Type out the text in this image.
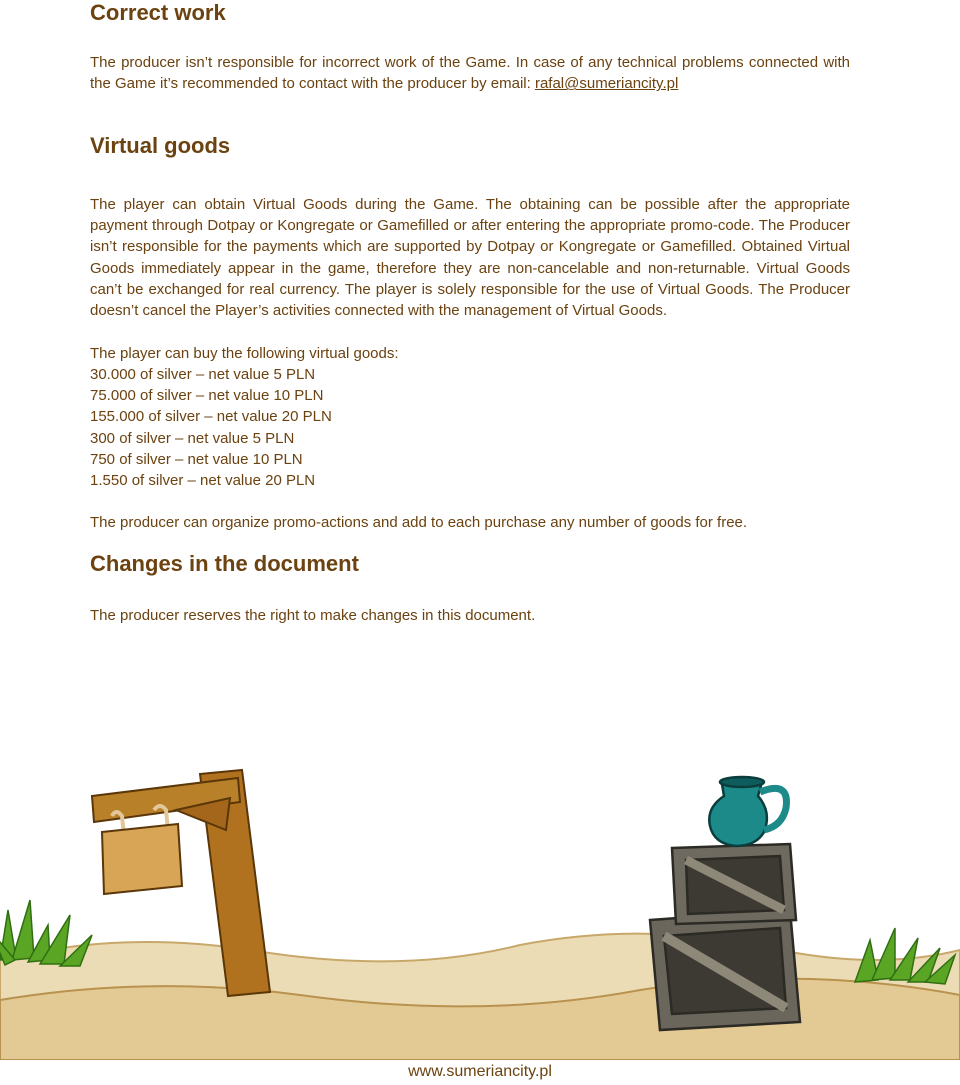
Correct work

The producer isn’t responsible for incorrect work of the Game. In case of any technical problems connected with the Game it’s recommended to contact with the producer by email: rafal@sumeriancity.pl

Virtual goods

The player can obtain Virtual Goods during the Game. The obtaining can be possible after the appropriate payment through Dotpay or Kongregate or Gamefilled or after entering the appropriate promo-code. The Producer isn’t responsible for the payments which are supported by Dotpay or Kongregate or Gamefilled. Obtained Virtual Goods immediately appear in the game, therefore they are non-cancelable and non-returnable. Virtual Goods can’t be exchanged for real currency. The player is solely responsible for the use of Virtual Goods. The Producer doesn’t cancel the Player’s activities connected with the management of Virtual Goods.

The player can buy the following virtual goods:

30.000 of silver – net value 5 PLN
75.000 of silver – net value 10 PLN
155.000 of silver – net value 20 PLN
300 of silver – net value 5 PLN
750 of silver – net value 10 PLN
1.550 of silver – net value 20 PLN

The producer can organize promo-actions and add to each purchase any number of goods for free.

Changes in the document

The producer reserves the right to make changes in this document.

www.sumeriancity.pl
